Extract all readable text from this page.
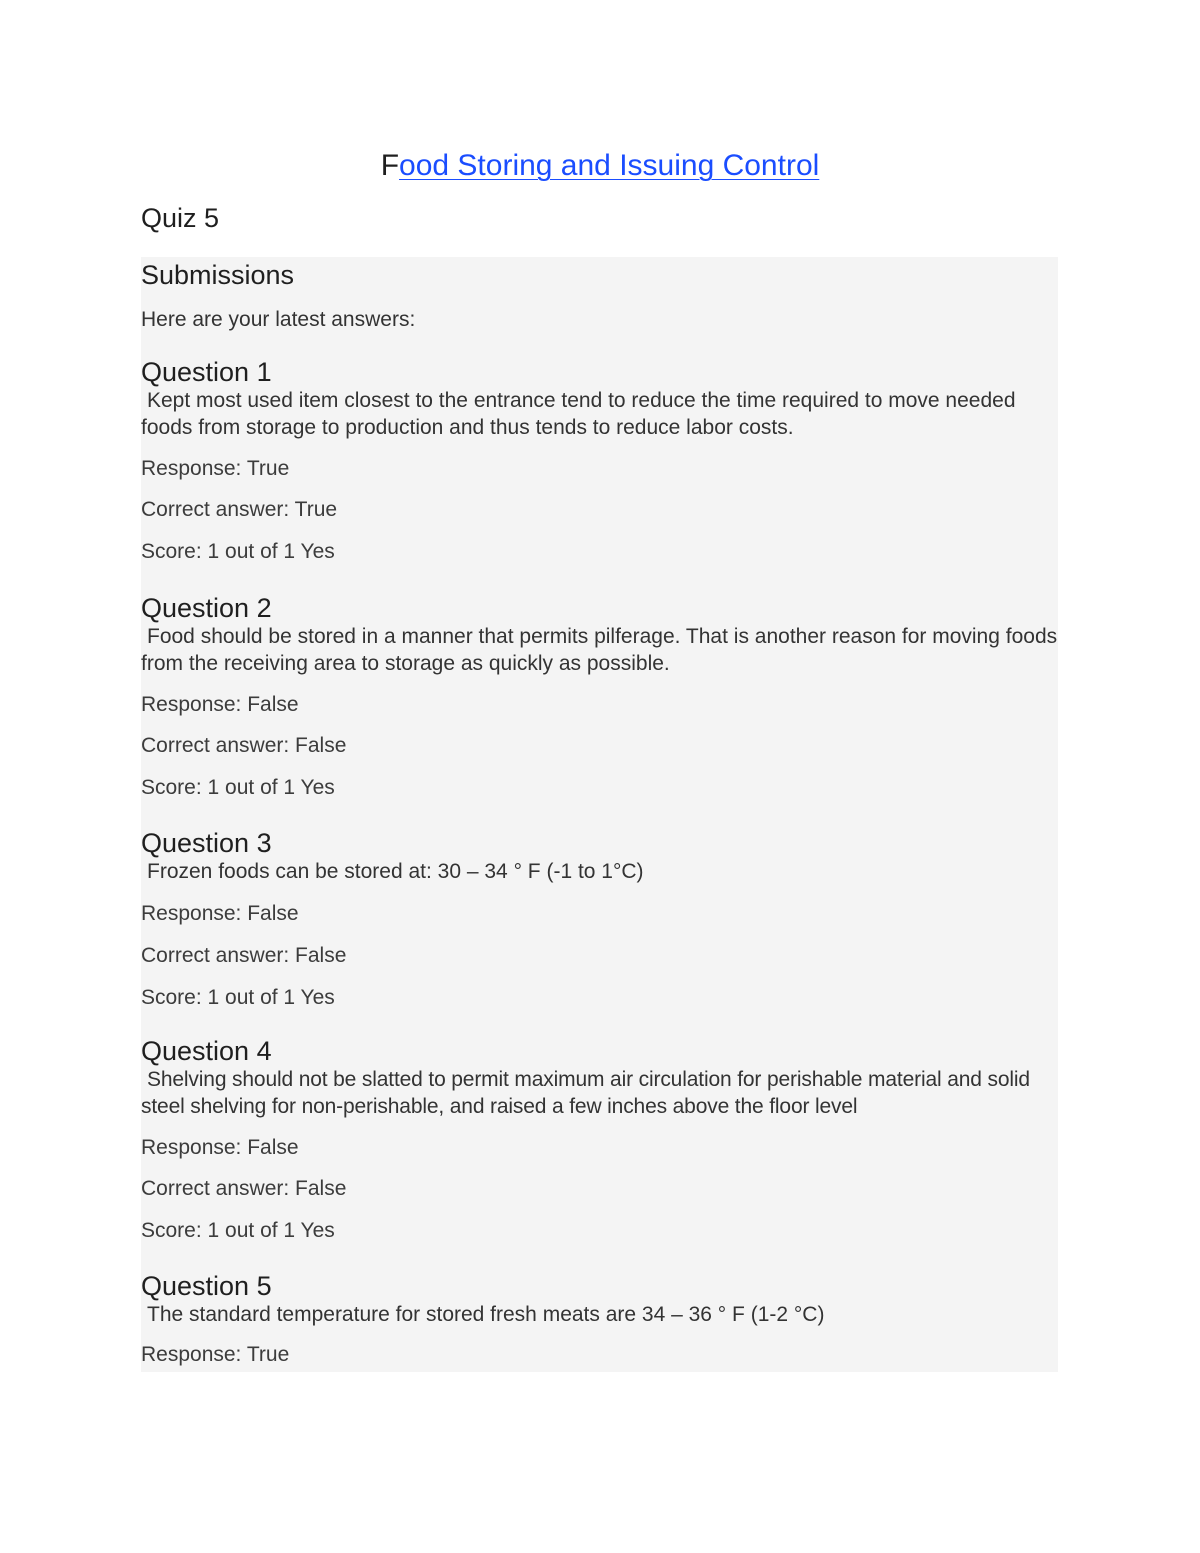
Food Storing and Issuing Control
Quiz 5
Submissions

Here are your latest answers:

Question 1

Kept most used item closest to the entrance tend to reduce the time required to move needed foods from storage to production and thus tends to reduce labor costs.

Response: True

Correct answer: True

Score: 1 out of 1 Yes

Question 2

Food should be stored in a manner that permits pilferage. That is another reason for moving foods from the receiving area to storage as quickly as possible.

Response: False

Correct answer: False

Score: 1 out of 1 Yes

Question 3

Frozen foods can be stored at: 30 – 34 ° F (-1 to 1°C)

Response: False

Correct answer: False

Score: 1 out of 1 Yes

Question 4

Shelving should not be slatted to permit maximum air circulation for perishable material and solid steel shelving for non-perishable, and raised a few inches above the floor level

Response: False

Correct answer: False

Score: 1 out of 1 Yes

Question 5

The standard temperature for stored fresh meats are 34 – 36 ° F (1-2 °C)

Response: True
